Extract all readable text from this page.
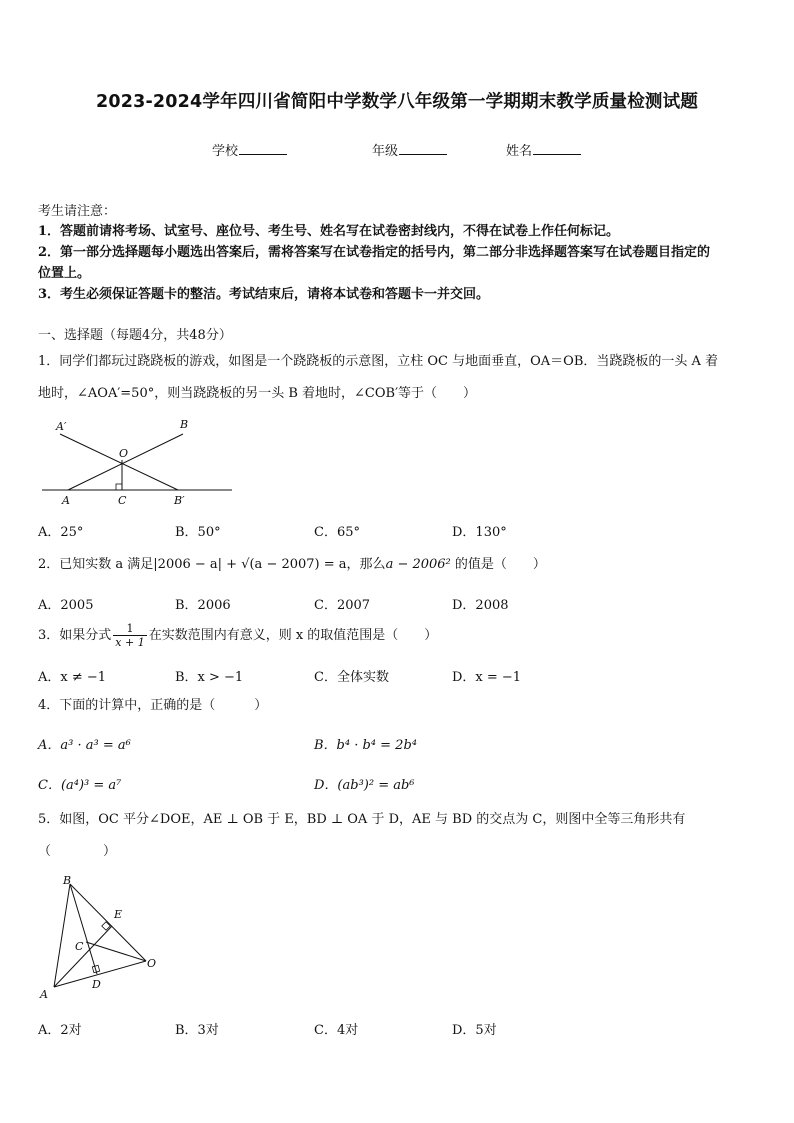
2023-2024学年四川省简阳中学数学八年级第一学期期末教学质量检测试题
学校	年级	姓名
考生请注意：
1．答题前请将考场、试室号、座位号、考生号、姓名写在试卷密封线内，不得在试卷上作任何标记。
2．第一部分选择题每小题选出答案后，需将答案写在试卷指定的括号内，第二部分非选择题答案写在试卷题目指定的
位置上。
3．考生必须保证答题卡的整洁。考试结束后，请将本试卷和答题卡一并交回。
一、选择题（每题4分，共48分）
1．同学们都玩过跷跷板的游戏，如图是一个跷跷板的示意图，立柱 OC 与地面垂直，OA＝OB．当跷跷板的一头 A 着
地时，∠AOA′=50°，则当跷跷板的另一头 B 着地时，∠COB′等于（　　）
A′	B
O
A	C	B′
A．25°	B．50°	C．65°	D．130°
2．已知实数 a 满足|2006 − a| + √(a − 2007) = a，那么a − 2006² 的值是（　　）
A．2005	B．2006	C．2007	D．2008
3．如果分式 $\frac{1}{x + 1}$ 在实数范围内有意义，则 x 的取值范围是（　　）
A．x ≠ −1	B．x > −1	C．全体实数	D．x = −1
4．下面的计算中，正确的是（　　　）
A．a³ · a³ = a⁶	B．b⁴ · b⁴ = 2b⁴
C．(a⁴)³ = a⁷	D．(ab³)² = ab⁶
5．如图，OC 平分∠DOE，AE ⊥ OB 于 E，BD ⊥ OA 于 D，AE 与 BD 的交点为 C，则图中全等三角形共有
（　　　　）
B
E
C
O
A
D
A．2对	B．3对	C．4对	D．5对
